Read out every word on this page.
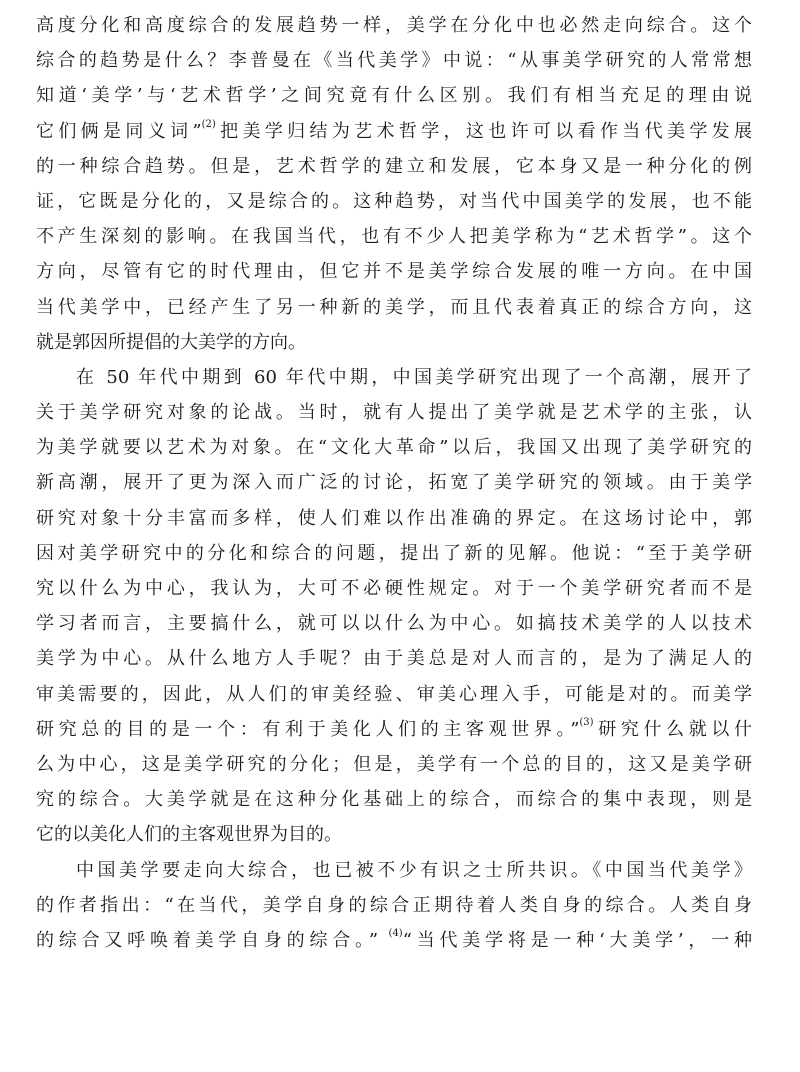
高度分化和高度综合的发展趋势一样，美学在分化中也必然走向综合。这个
综合的趋势是什么？李普曼在《当代美学》中说：“从事美学研究的人常常想
知道‘美学’与‘艺术哲学’之间究竟有什么区别。我们有相当充足的理由说
它们俩是同义词”$^{(2)}$把美学归结为艺术哲学，这也许可以看作当代美学发展
的一种综合趋势。但是，艺术哲学的建立和发展，它本身又是一种分化的例
证，它既是分化的，又是综合的。这种趋势，对当代中国美学的发展，也不能
不产生深刻的影响。在我国当代，也有不少人把美学称为“艺术哲学”。这个
方向，尽管有它的时代理由，但它并不是美学综合发展的唯一方向。在中国
当代美学中，已经产生了另一种新的美学，而且代表着真正的综合方向，这
就是郭因所提倡的大美学的方向。
在 50 年代中期到 60 年代中期，中国美学研究出现了一个高潮，展开了
关于美学研究对象的论战。当时，就有人提出了美学就是艺术学的主张，认
为美学就要以艺术为对象。在“文化大革命”以后，我国又出现了美学研究的
新高潮，展开了更为深入而广泛的讨论，拓宽了美学研究的领域。由于美学
研究对象十分丰富而多样，使人们难以作出准确的界定。在这场讨论中，郭
因对美学研究中的分化和综合的问题，提出了新的见解。他说：“至于美学研
究以什么为中心，我认为，大可不必硬性规定。对于一个美学研究者而不是
学习者而言，主要搞什么，就可以以什么为中心。如搞技术美学的人以技术
美学为中心。从什么地方人手呢？由于美总是对人而言的，是为了满足人的
审美需要的，因此，从人们的审美经验、审美心理入手，可能是对的。而美学
研究总的目的是一个：有利于美化人们的主客观世界。”$^{(3)}$研究什么就以什
么为中心，这是美学研究的分化；但是，美学有一个总的目的，这又是美学研
究的综合。大美学就是在这种分化基础上的综合，而综合的集中表现，则是
它的以美化人们的主客观世界为目的。
中国美学要走向大综合，也已被不少有识之士所共识。《中国当代美学》
的作者指出：“在当代，美学自身的综合正期待着人类自身的综合。人类自身
的综合又呼唤着美学自身的综合。” $^{(4)}$“当代美学将是一种‘大美学’，一种
